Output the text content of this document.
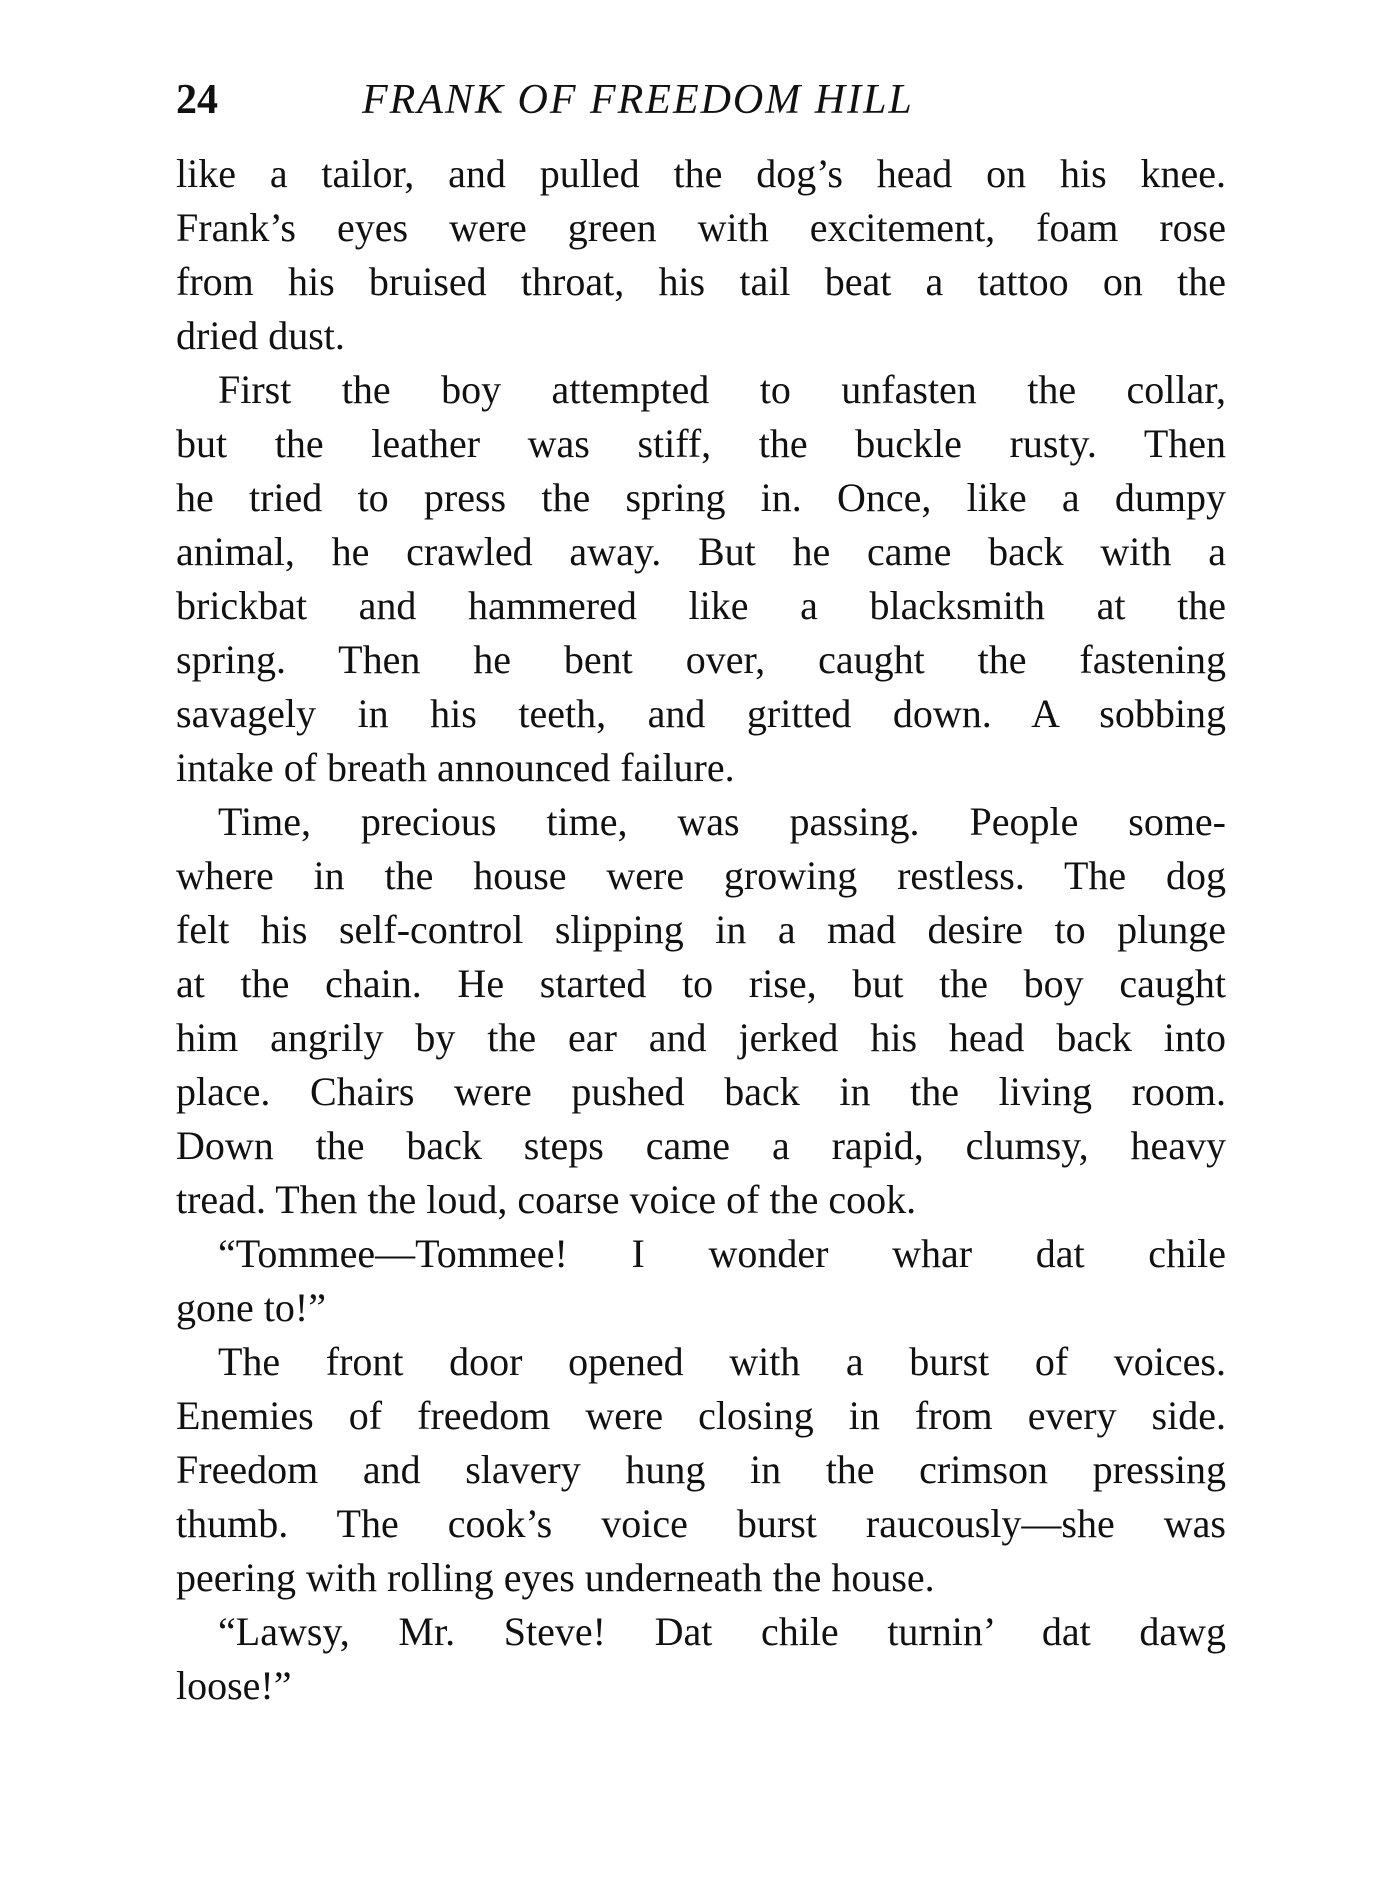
24	FRANK OF FREEDOM HILL

like a tailor, and pulled the dog’s head on his knee.
Frank’s eyes were green with excitement, foam rose
from his bruised throat, his tail beat a tattoo on the
dried dust.

First the boy attempted to unfasten the collar,
but the leather was stiff, the buckle rusty. Then
he tried to press the spring in. Once, like a dumpy
animal, he crawled away. But he came back with a
brickbat and hammered like a blacksmith at the
spring. Then he bent over, caught the fastening
savagely in his teeth, and gritted down. A sobbing
intake of breath announced failure.

Time, precious time, was passing. People some-
where in the house were growing restless. The dog
felt his self-control slipping in a mad desire to plunge
at the chain. He started to rise, but the boy caught
him angrily by the ear and jerked his head back into
place. Chairs were pushed back in the living room.
Down the back steps came a rapid, clumsy, heavy
tread. Then the loud, coarse voice of the cook.

“Tommee—Tommee! I wonder whar dat chile
gone to!”

The front door opened with a burst of voices.
Enemies of freedom were closing in from every side.
Freedom and slavery hung in the crimson pressing
thumb. The cook’s voice burst raucously—she was
peering with rolling eyes underneath the house.

“Lawsy, Mr. Steve! Dat chile turnin’ dat dawg
loose!”
